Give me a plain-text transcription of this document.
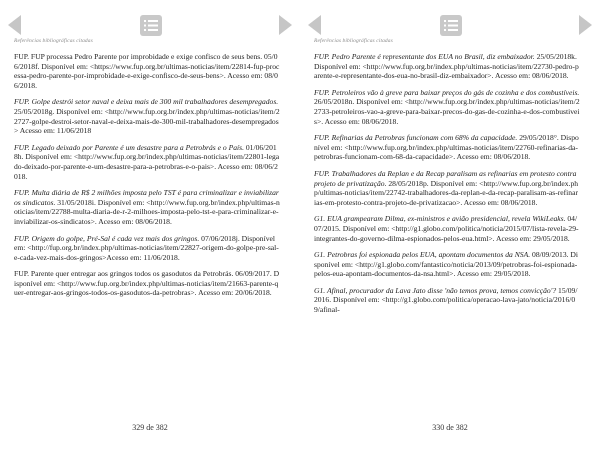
Referências bibliográficas citadas

FUP. FUP processa Pedro Parente por improbidade e exige confisco de seus bens. 05/06/2018f. Disponível em: <https://www.fup.org.br/ultimas-noticias/item/22814-fup-processa-pedro-parente-por-improbidade-e-exige-confisco-de-seus-bens>. Acesso em: 08/06/2018.

FUP. Golpe destrói setor naval e deixa mais de 300 mil trabalhadores desempregados. 25/05/2018g. Disponível em: <http://www.fup.org.br/index.php/ultimas-noticias/item/22727-golpe-destroi-setor-naval-e-deixa-mais-de-300-mil-trabalhadores-desempregados> Acesso em: 11/06/2018

FUP. Legado deixado por Parente é um desastre para a Petrobrás e o País. 01/06/2018h. Disponível em: <http://www.fup.org.br/index.php/ultimas-noticias/item/22801-legado-deixado-por-parente-e-um-desastre-para-a-petrobras-e-o-pais>. Acesso em: 08/06/2018.

FUP. Multa diária de R$ 2 milhões imposta pelo TST é para criminalizar e inviabilizar os sindicatos. 31/05/2018i. Disponível em: <http://www.fup.org.br/index.php/ultimas-noticias/item/22788-multa-diaria-de-r-2-milhoes-imposta-pelo-tst-e-para-criminalizar-e-inviabilizar-os-sindicatos>. Acesso em: 08/06/2018.

FUP. Origem do golpe, Pré-Sal é cada vez mais dos gringos. 07/06/2018j. Disponível em: <http://fup.org.br/index.php/ultimas-noticias/item/22827-origem-do-golpe-pre-sal-e-cada-vez-mais-dos-gringos>Acesso em: 11/06/2018.

FUP. Parente quer entregar aos gringos todos os gasodutos da Petrobrás. 06/09/2017. Disponível em: <http://www.fup.org.br/index.php/ultimas-noticias/item/21663-parente-quer-entregar-aos-gringos-todos-os-gasodutos-da-petrobras>. Acesso em: 20/06/2018.

329 de 382
Referências bibliográficas citadas

FUP. Pedro Parente é representante dos EUA no Brasil, diz embaixador. 25/05/2018k. Disponível em: <http://www.fup.org.br/index.php/ultimas-noticias/item/22730-pedro-parente-e-representante-dos-eua-no-brasil-diz-embaixador>. Acesso em: 08/06/2018.

FUP. Petroleiros vão à greve para baixar preços do gás de cozinha e dos combustíveis. 26/05/2018n. Disponível em: <http://www.fup.org.br/index.php/ultimas-noticias/item/22733-petroleiros-vao-a-greve-para-baixar-precos-do-gas-de-cozinha-e-dos-combustiveis>. Acesso em: 08/06/2018.

FUP. Refinarias da Petrobras funcionam com 68% da capacidade. 29/05/2018°. Disponível em: <http://www.fup.org.br/index.php/ultimas-noticias/item/22760-refinarias-da-petrobras-funcionam-com-68-da-capacidade>. Acesso em: 08/06/2018.

FUP. Trabalhadores da Replan e da Recap paralisam as refinarias em protesto contra projeto de privatização. 28/05/2018p. Disponível em: <http://www.fup.org.br/index.php/ultimas-noticias/item/22742-trabalhadores-da-replan-e-da-recap-paralisam-as-refinarias-em-protesto-contra-projeto-de-privatizacao>. Acesso em: 08/06/2018.

G1. EUA grampearam Dilma, ex-ministros e avião presidencial, revela WikiLeaks. 04/07/2015. Disponível em: <http://g1.globo.com/politica/noticia/2015/07/lista-revela-29-integrantes-do-governo-dilma-espionados-pelos-eua.html>. Acesso em: 29/05/2018.

G1. Petrobras foi espionada pelos EUA, apontam documentos da NSA. 08/09/2013. Disponível em: <http://g1.globo.com/fantastico/noticia/2013/09/petrobras-foi-espionada-pelos-eua-apontam-documentos-da-nsa.html>. Acesso em: 29/05/2018.

G1. Afinal, procurador da Lava Jato disse 'não temos prova, temos convicção'? 15/09/2016. Disponível em: <http://g1.globo.com/politica/operacao-lava-jato/noticia/2016/09/afinal-

330 de 382
